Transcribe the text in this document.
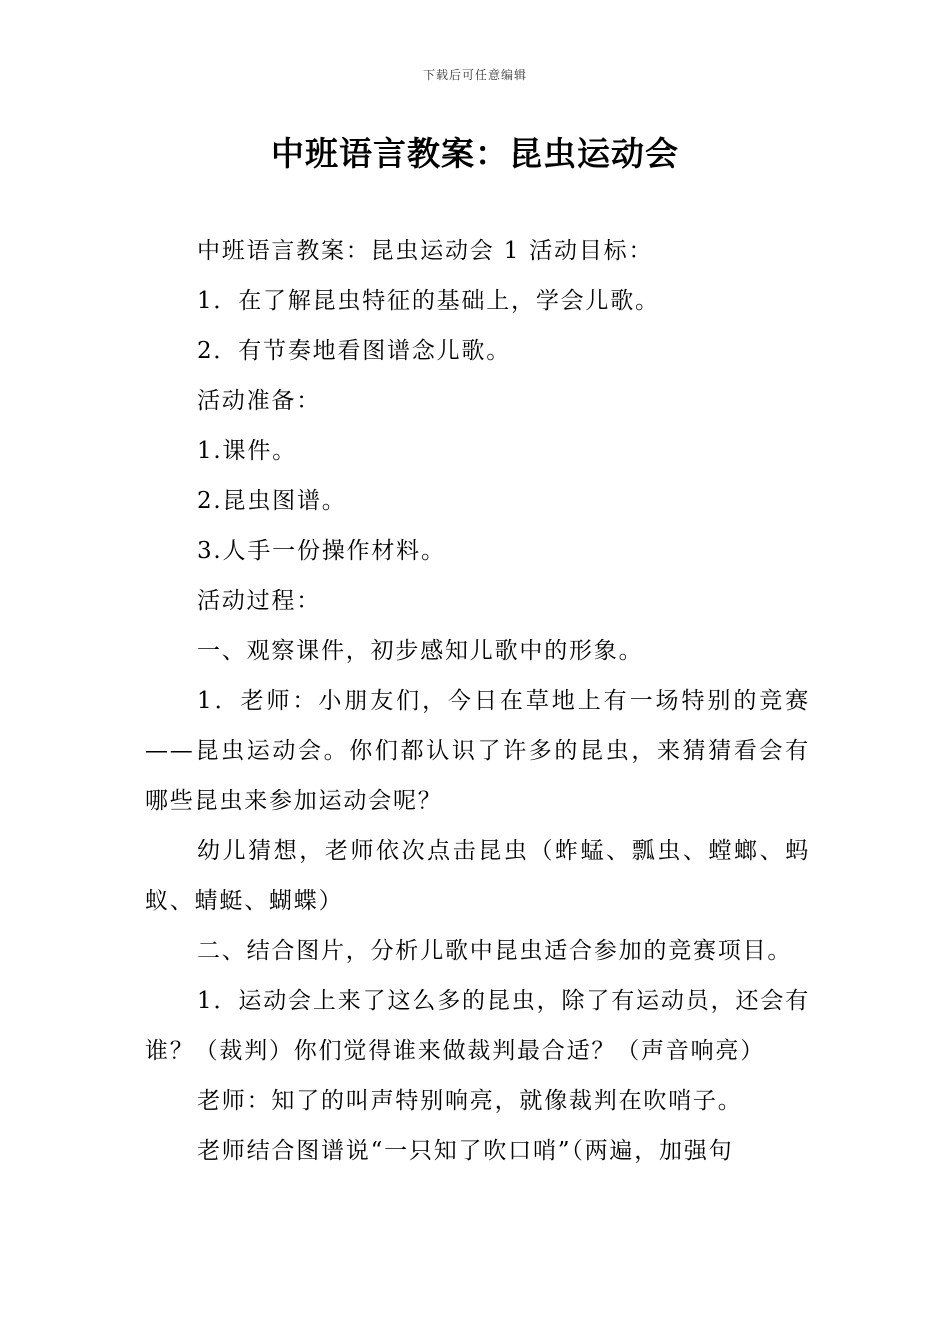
下载后可任意编辑
中班语言教案：昆虫运动会

中班语言教案：昆虫运动会 1 活动目标：

1．在了解昆虫特征的基础上，学会儿歌。

2．有节奏地看图谱念儿歌。

活动准备：

1.课件。

2.昆虫图谱。

3.人手一份操作材料。

活动过程：

一、观察课件，初步感知儿歌中的形象。

1．老师：小朋友们，今日在草地上有一场特别的竞赛——昆虫运动会。你们都认识了许多的昆虫，来猜猜看会有哪些昆虫来参加运动会呢？

幼儿猜想，老师依次点击昆虫（蚱蜢、瓢虫、螳螂、蚂蚁、蜻蜓、蝴蝶）

二、结合图片，分析儿歌中昆虫适合参加的竞赛项目。

1．运动会上来了这么多的昆虫，除了有运动员，还会有谁？（裁判）你们觉得谁来做裁判最合适？（声音响亮）

老师：知了的叫声特别响亮，就像裁判在吹哨子。

老师结合图谱说“一只知了吹口哨”（两遍，加强句
